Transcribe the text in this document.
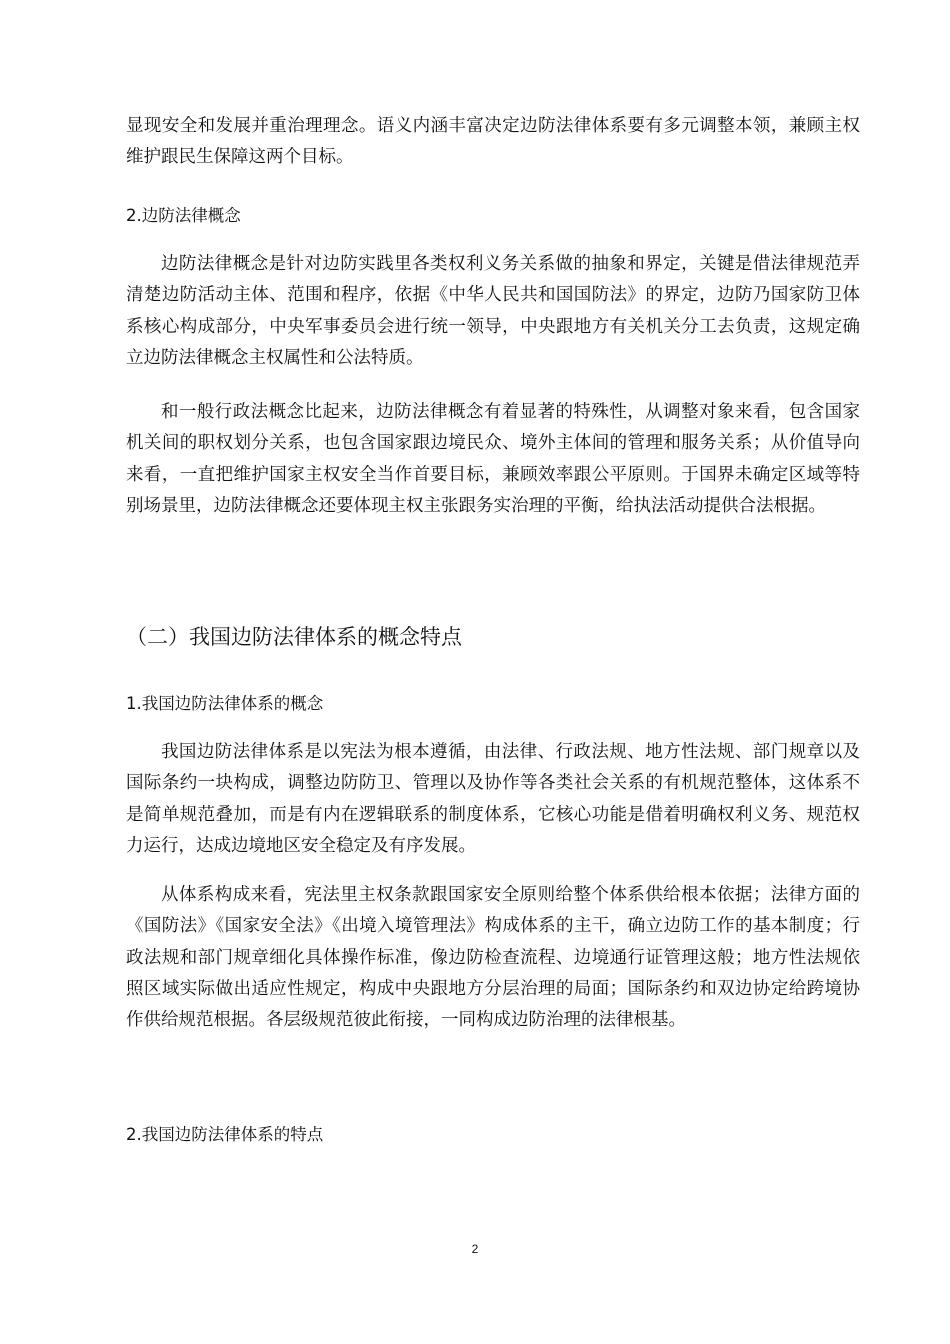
显现安全和发展并重治理理念。语义内涵丰富决定边防法律体系要有多元调整本领，兼顾主权维护跟民生保障这两个目标。

2.边防法律概念

边防法律概念是针对边防实践里各类权利义务关系做的抽象和界定，关键是借法律规范弄清楚边防活动主体、范围和程序，依据《中华人民共和国国防法》的界定，边防乃国家防卫体系核心构成部分，中央军事委员会进行统一领导，中央跟地方有关机关分工去负责，这规定确立边防法律概念主权属性和公法特质。

和一般行政法概念比起来，边防法律概念有着显著的特殊性，从调整对象来看，包含国家机关间的职权划分关系，也包含国家跟边境民众、境外主体间的管理和服务关系；从价值导向来看，一直把维护国家主权安全当作首要目标，兼顾效率跟公平原则。于国界未确定区域等特别场景里，边防法律概念还要体现主权主张跟务实治理的平衡，给执法活动提供合法根据。

（二）我国边防法律体系的概念特点
1.我国边防法律体系的概念

我国边防法律体系是以宪法为根本遵循，由法律、行政法规、地方性法规、部门规章以及国际条约一块构成，调整边防防卫、管理以及协作等各类社会关系的有机规范整体，这体系不是简单规范叠加，而是有内在逻辑联系的制度体系，它核心功能是借着明确权利义务、规范权力运行，达成边境地区安全稳定及有序发展。

从体系构成来看，宪法里主权条款跟国家安全原则给整个体系供给根本依据；法律方面的《国防法》《国家安全法》《出境入境管理法》构成体系的主干，确立边防工作的基本制度；行政法规和部门规章细化具体操作标准，像边防检查流程、边境通行证管理这般；地方性法规依照区域实际做出适应性规定，构成中央跟地方分层治理的局面；国际条约和双边协定给跨境协作供给规范根据。各层级规范彼此衔接，一同构成边防治理的法律根基。

2.我国边防法律体系的特点
2
